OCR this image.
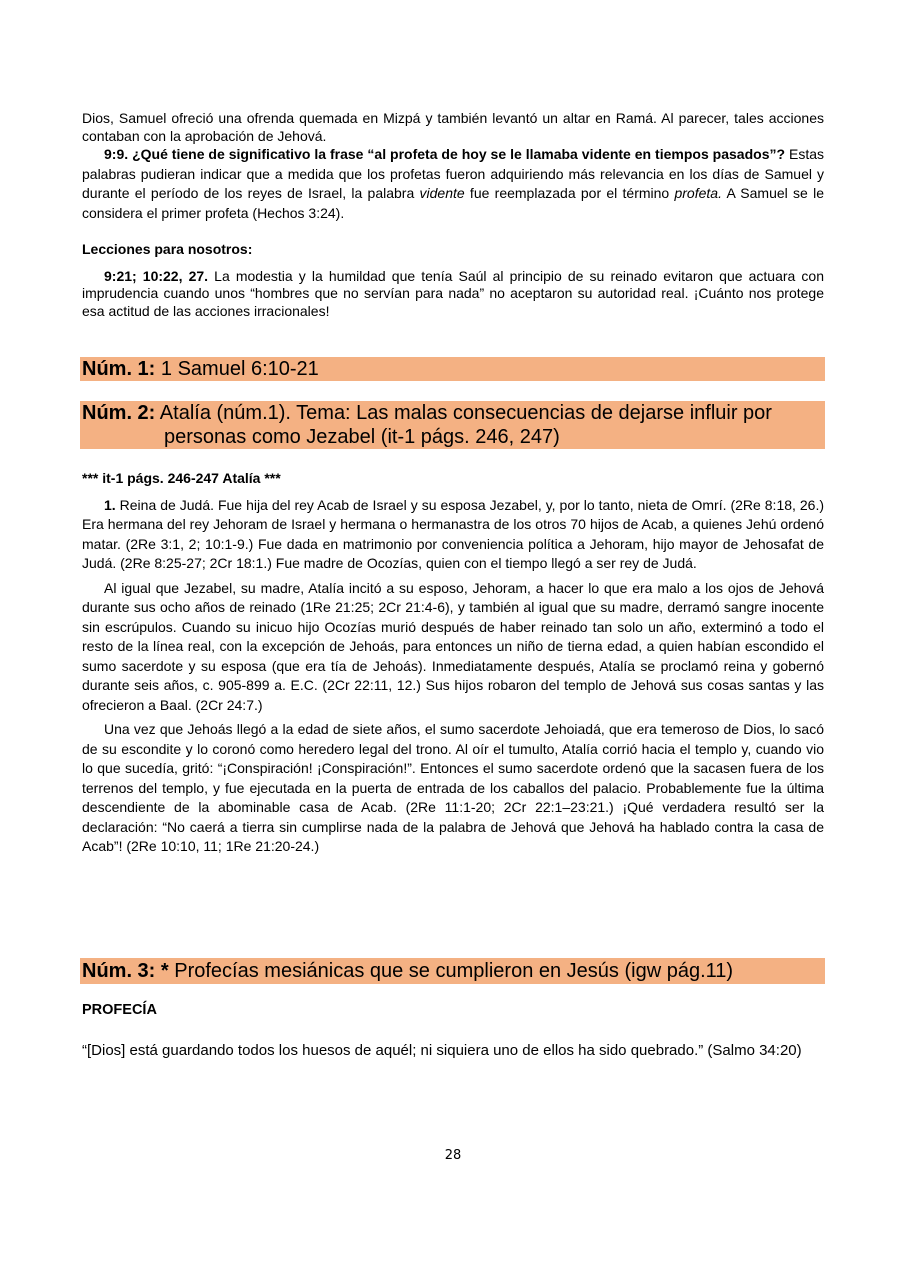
Dios, Samuel ofreció una ofrenda quemada en Mizpá y también levantó un altar en Ramá. Al parecer, tales acciones contaban con la aprobación de Jehová.

9:9. ¿Qué tiene de significativo la frase “al profeta de hoy se le llamaba vidente en tiempos pasados”? Estas palabras pudieran indicar que a medida que los profetas fueron adquiriendo más relevancia en los días de Samuel y durante el período de los reyes de Israel, la palabra vidente fue reemplazada por el término profeta. A Samuel se le considera el primer profeta (Hechos 3:24).

Lecciones para nosotros:

9:21; 10:22, 27. La modestia y la humildad que tenía Saúl al principio de su reinado evitaron que actuara con imprudencia cuando unos “hombres que no servían para nada” no aceptaron su autoridad real. ¡Cuánto nos protege esa actitud de las acciones irracionales!

Núm. 1: 1 Samuel 6:10-21
Núm. 2: Atalía (núm.1). Tema: Las malas consecuencias de dejarse influir por
personas como Jezabel (it-1 págs. 246, 247)

*** it-1 págs. 246-247 Atalía ***

1. Reina de Judá. Fue hija del rey Acab de Israel y su esposa Jezabel, y, por lo tanto, nieta de Omrí. (2Re 8:18, 26.) Era hermana del rey Jehoram de Israel y hermana o hermanastra de los otros 70 hijos de Acab, a quienes Jehú ordenó matar. (2Re 3:1, 2; 10:1-9.) Fue dada en matrimonio por conveniencia política a Jehoram, hijo mayor de Jehosafat de Judá. (2Re 8:25-27; 2Cr 18:1.) Fue madre de Ocozías, quien con el tiempo llegó a ser rey de Judá.

Al igual que Jezabel, su madre, Atalía incitó a su esposo, Jehoram, a hacer lo que era malo a los ojos de Jehová durante sus ocho años de reinado (1Re 21:25; 2Cr 21:4-6), y también al igual que su madre, derramó sangre inocente sin escrúpulos. Cuando su inicuo hijo Ocozías murió después de haber reinado tan solo un año, exterminó a todo el resto de la línea real, con la excepción de Jehoás, para entonces un niño de tierna edad, a quien habían escondido el sumo sacerdote y su esposa (que era tía de Jehoás). Inmediatamente después, Atalía se proclamó reina y gobernó durante seis años, c. 905-899 a. E.C. (2Cr 22:11, 12.) Sus hijos robaron del templo de Jehová sus cosas santas y las ofrecieron a Baal. (2Cr 24:7.)

Una vez que Jehoás llegó a la edad de siete años, el sumo sacerdote Jehoiadá, que era temeroso de Dios, lo sacó de su escondite y lo coronó como heredero legal del trono. Al oír el tumulto, Atalía corrió hacia el templo y, cuando vio lo que sucedía, gritó: “¡Conspiración! ¡Conspiración!”. Entonces el sumo sacerdote ordenó que la sacasen fuera de los terrenos del templo, y fue ejecutada en la puerta de entrada de los caballos del palacio. Probablemente fue la última descendiente de la abominable casa de Acab. (2Re 11:1-20; 2Cr 22:1–23:21.) ¡Qué verdadera resultó ser la declaración: “No caerá a tierra sin cumplirse nada de la palabra de Jehová que Jehová ha hablado contra la casa de Acab”! (2Re 10:10, 11; 1Re 21:20-24.)

Núm. 3: * Profecías mesiánicas que se cumplieron en Jesús (igw pág.11)

PROFECÍA

“[Dios] está guardando todos los huesos de aquél; ni siquiera uno de ellos ha sido quebrado.” (Salmo 34:20)

28
